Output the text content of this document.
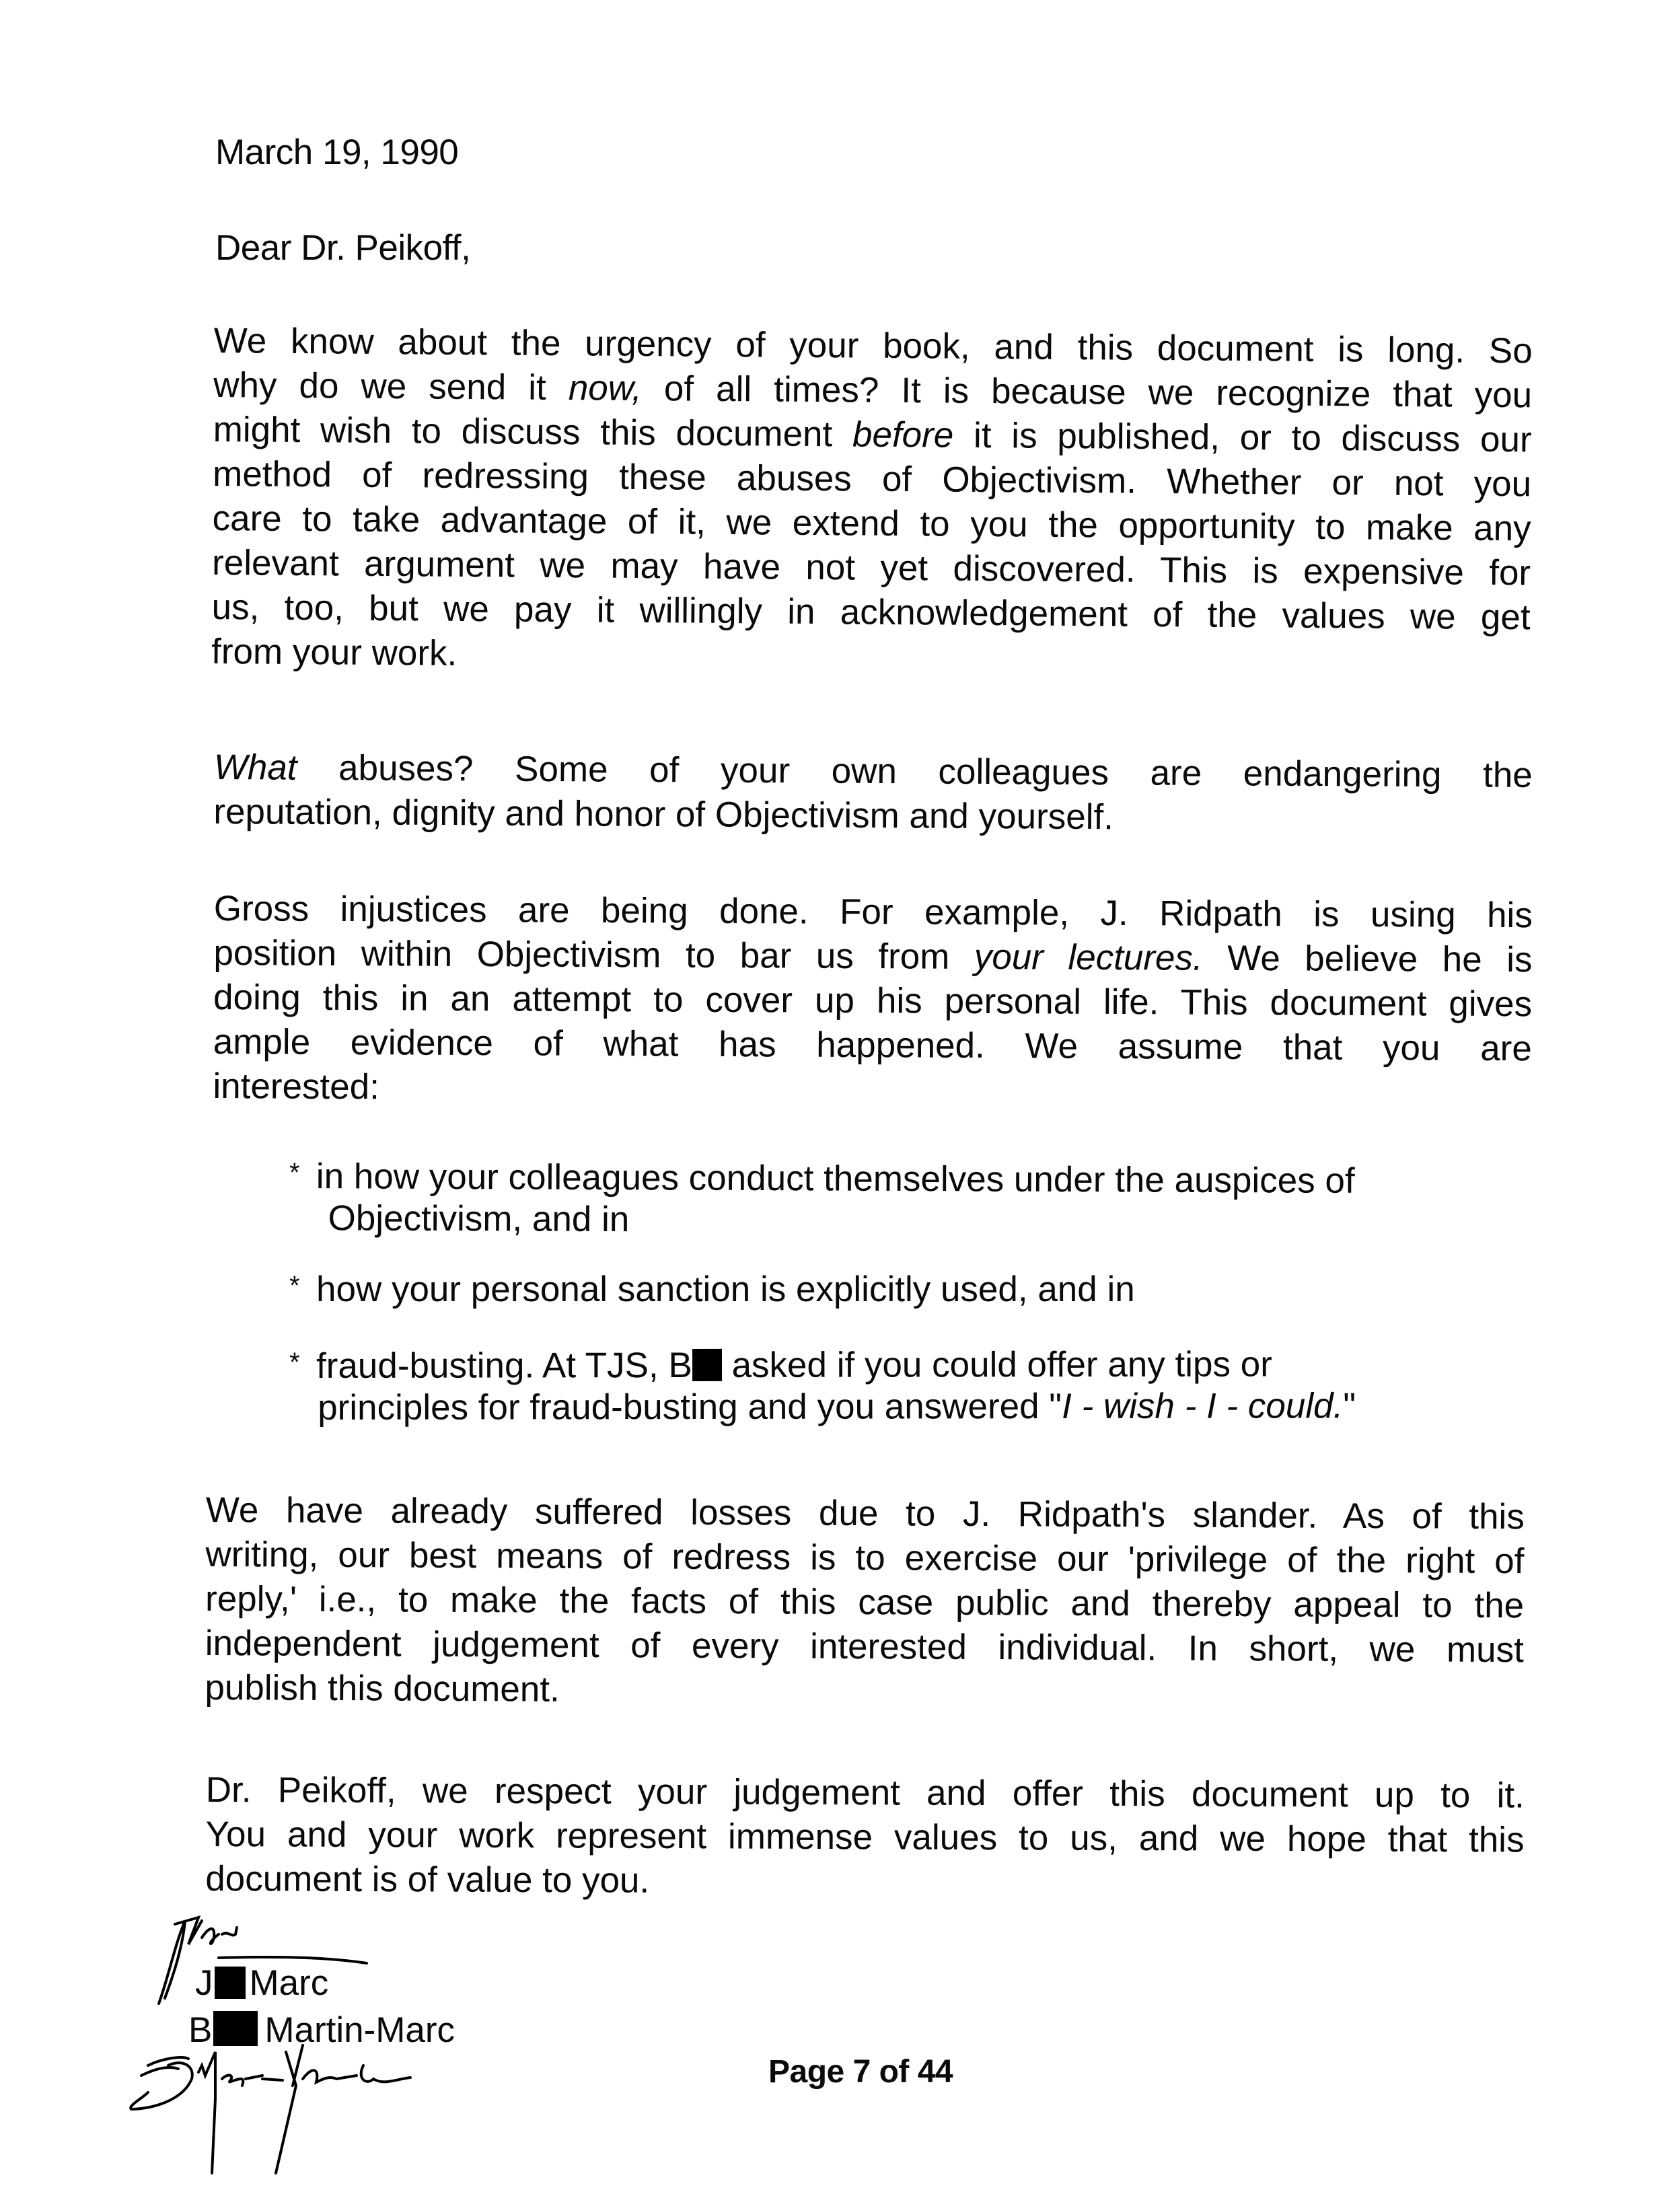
March 19, 1990
Dear Dr. Peikoff,
We know about the urgency of your book, and this document is long. So
why do we send it now, of all times? It is because we recognize that you
might wish to discuss this document before it is published, or to discuss our
method of redressing these abuses of Objectivism. Whether or not you
care to take advantage of it, we extend to you the opportunity to make any
relevant argument we may have not yet discovered. This is expensive for
us, too, but we pay it willingly in acknowledgement of the values we get
from your work.
What abuses? Some of your own colleagues are endangering the
reputation, dignity and honor of Objectivism and yourself.
Gross injustices are being done. For example, J. Ridpath is using his
position within Objectivism to bar us from your lectures. We believe he is
doing this in an attempt to cover up his personal life. This document gives
ample evidence of what has happened. We assume that you are
interested:
* in how your colleagues conduct themselves under the auspices of
Objectivism, and in
* how your personal sanction is explicitly used, and in
* fraud-busting. At TJS, B asked if you could offer any tips or
principles for fraud-busting and you answered "I - wish - I - could."
We have already suffered losses due to J. Ridpath's slander. As of this
writing, our best means of redress is to exercise our 'privilege of the right of
reply,' i.e., to make the facts of this case public and thereby appeal to the
independent judgement of every interested individual. In short, we must
publish this document.
Dr. Peikoff, we respect your judgement and offer this document up to it.
You and your work represent immense values to us, and we hope that this
document is of value to you.
J Marc
B Martin-Marc
Page 7 of 44
